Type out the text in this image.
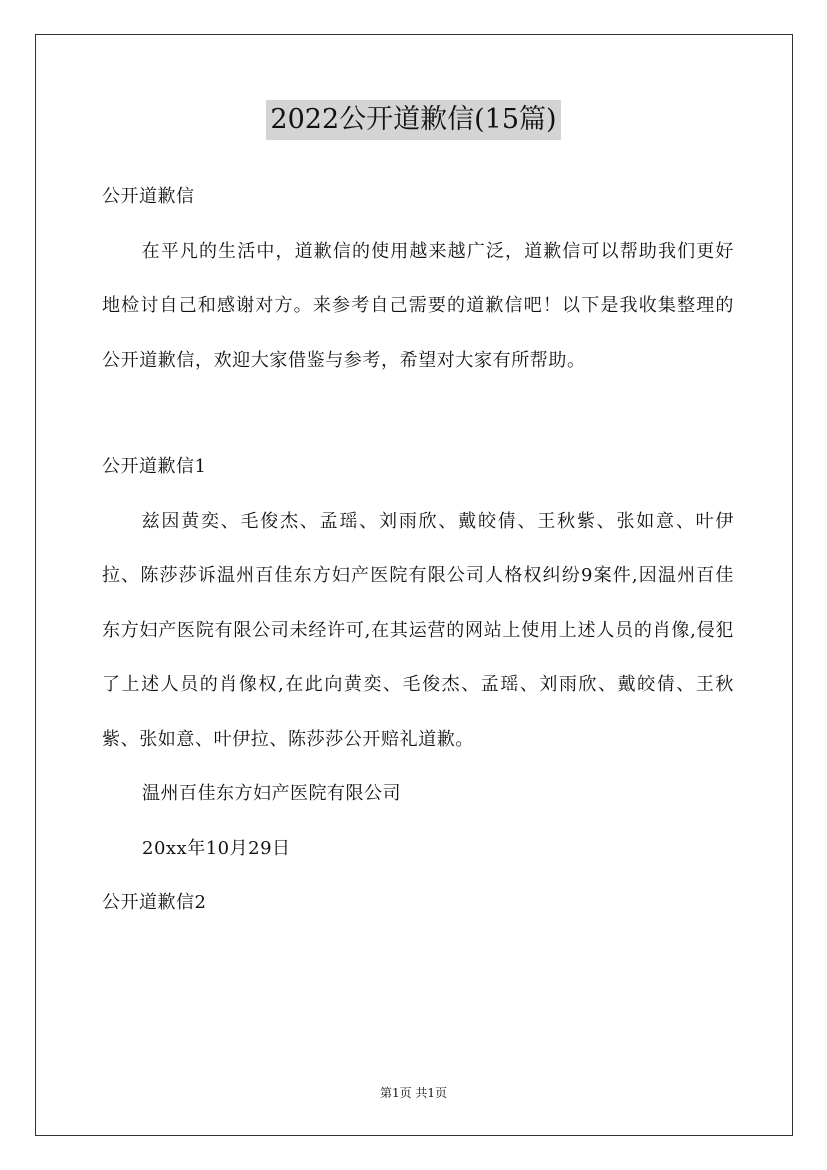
2022公开道歉信(15篇)
公开道歉信
在平凡的生活中，道歉信的使用越来越广泛，道歉信可以帮助我们更好地检讨自己和感谢对方。来参考自己需要的道歉信吧！以下是我收集整理的公开道歉信，欢迎大家借鉴与参考，希望对大家有所帮助。
公开道歉信1
兹因黄奕、毛俊杰、孟瑶、刘雨欣、戴皎倩、王秋紫、张如意、叶伊拉、陈莎莎诉温州百佳东方妇产医院有限公司人格权纠纷9案件,因温州百佳东方妇产医院有限公司未经许可,在其运营的网站上使用上述人员的肖像,侵犯了上述人员的肖像权,在此向黄奕、毛俊杰、孟瑶、刘雨欣、戴皎倩、王秋紫、张如意、叶伊拉、陈莎莎公开赔礼道歉。
温州百佳东方妇产医院有限公司
20xx年10月29日
公开道歉信2
第1页 共1页
